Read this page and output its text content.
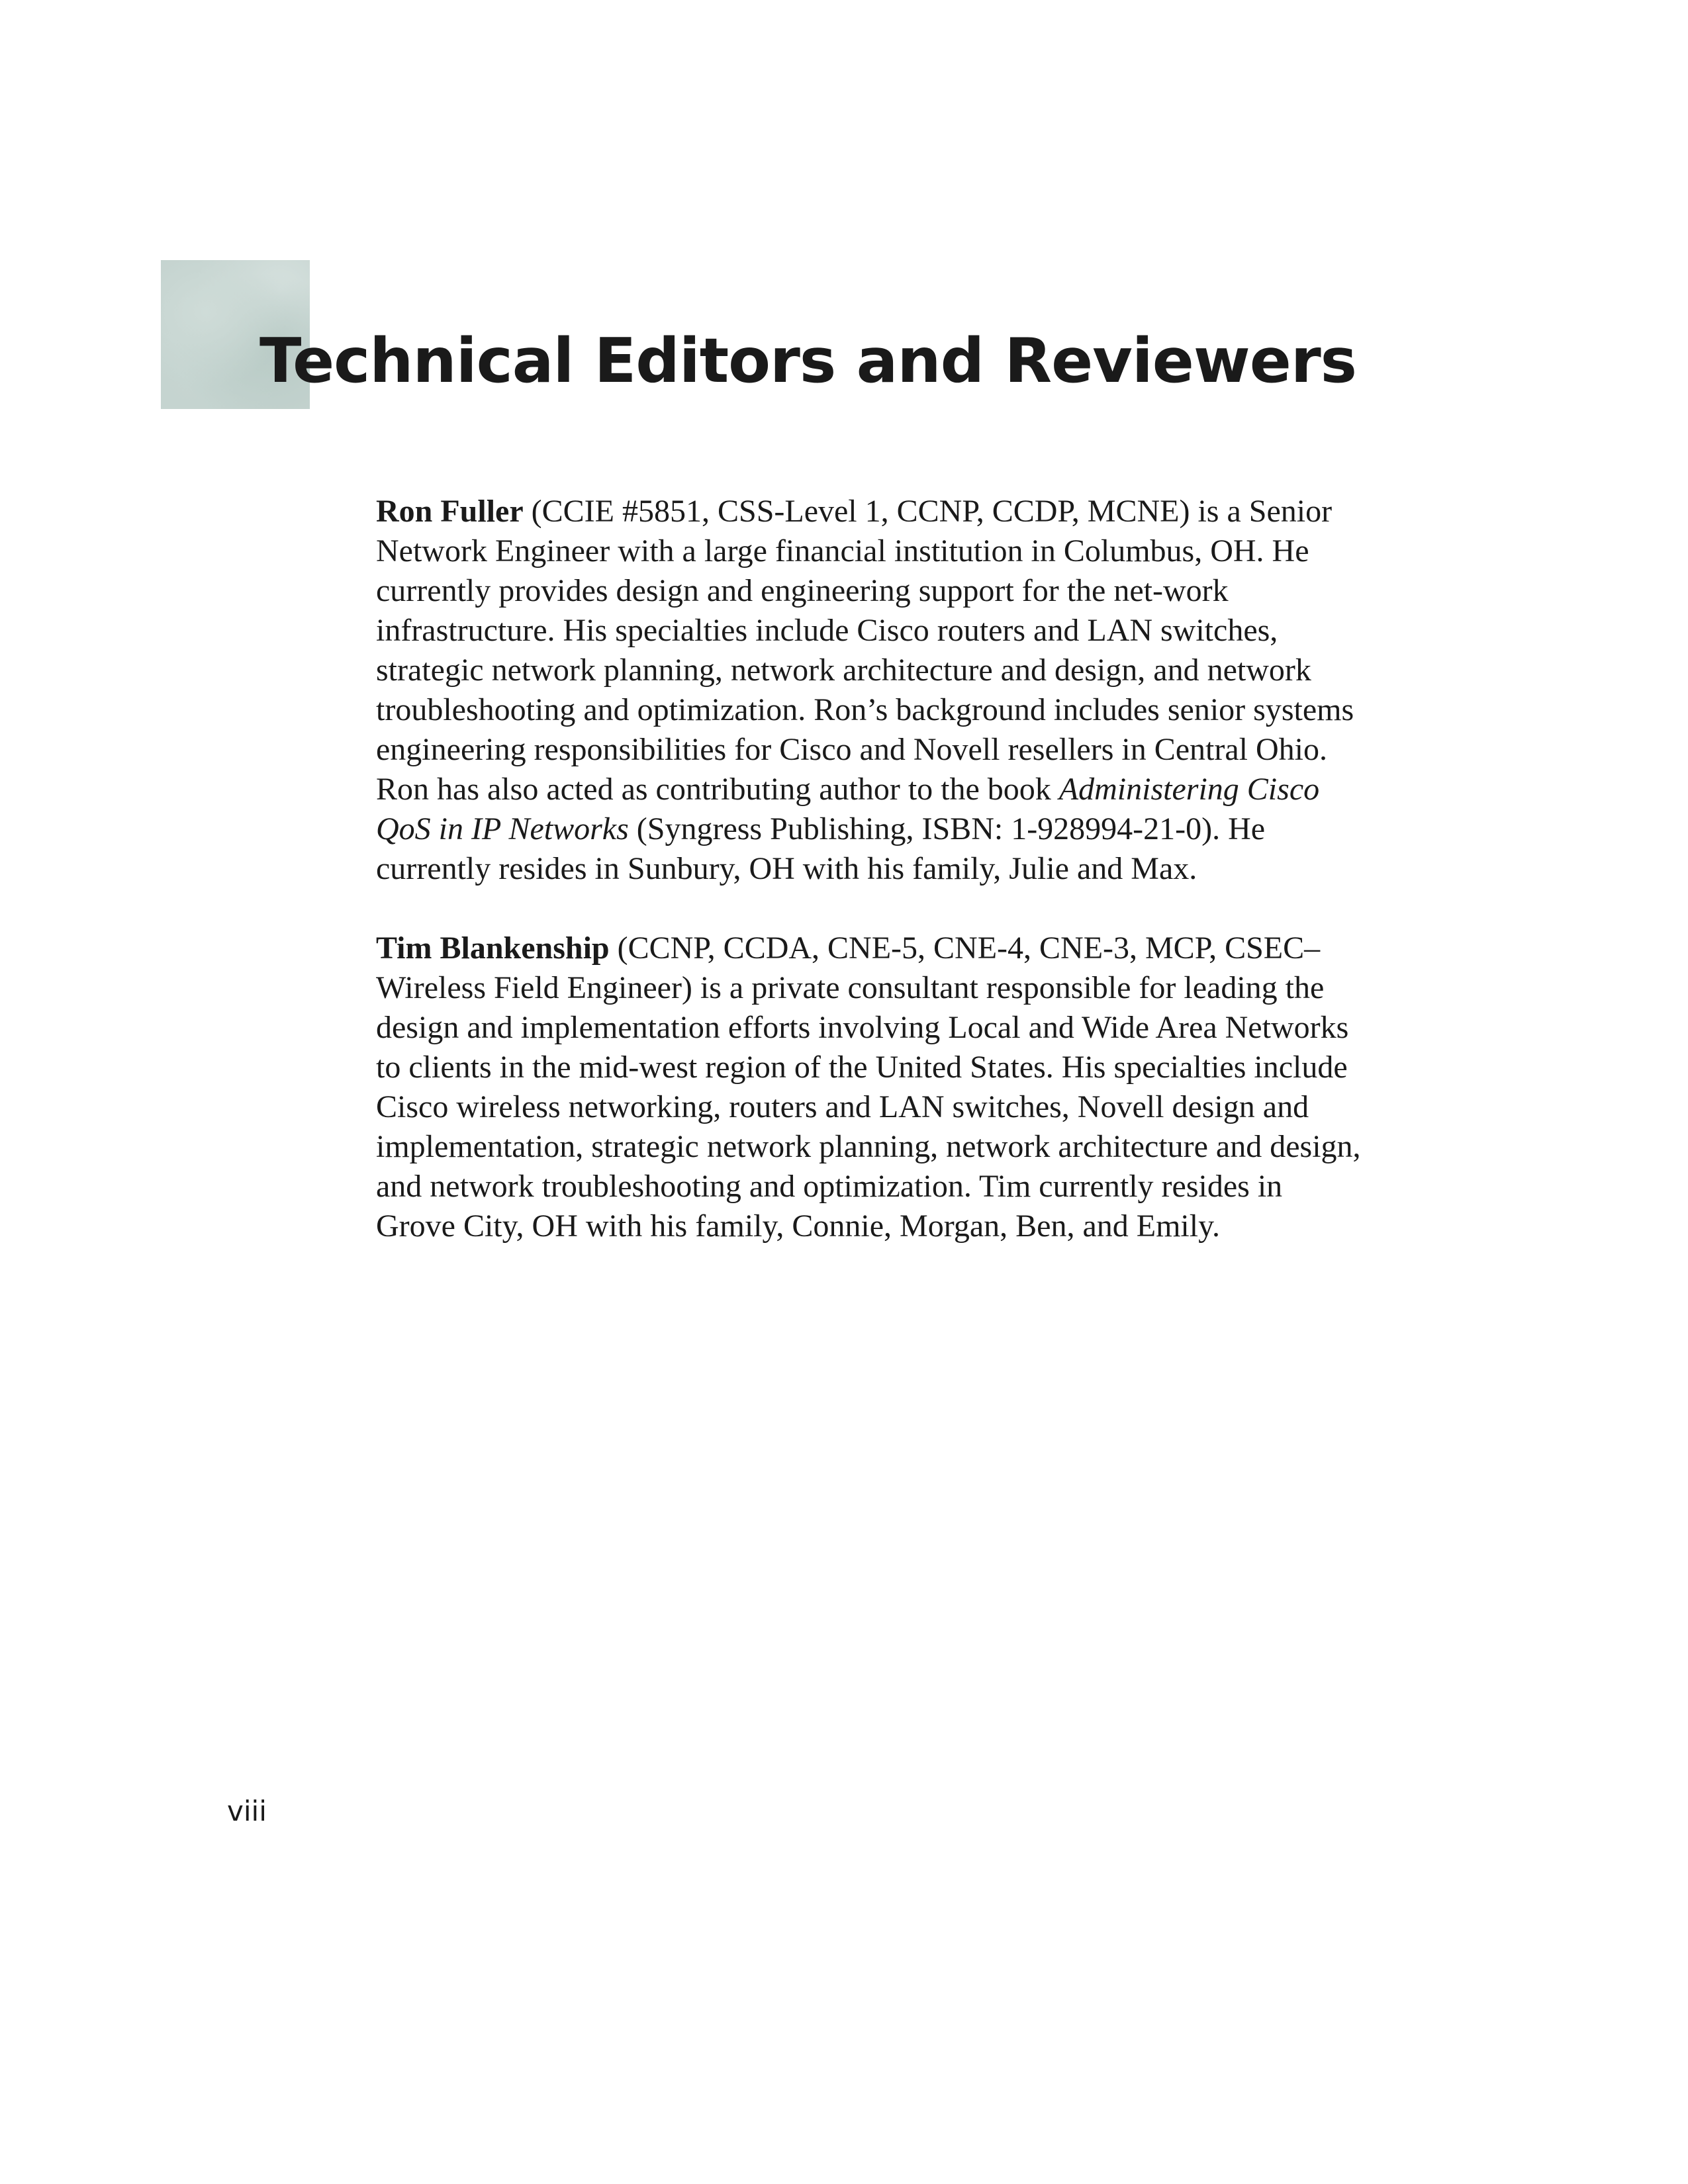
Technical Editors and Reviewers

Ron Fuller (CCIE #5851, CSS-Level 1, CCNP, CCDP, MCNE) is a Senior Network Engineer with a large financial institution in Columbus, OH. He currently provides design and engineering support for the net-work infrastructure. His specialties include Cisco routers and LAN switches, strategic network planning, network architecture and design, and network troubleshooting and optimization. Ron’s background includes senior systems engineering responsibilities for Cisco and Novell resellers in Central Ohio. Ron has also acted as contributing author to the book Administering Cisco QoS in IP Networks (Syngress Publishing, ISBN: 1-928994-21-0). He currently resides in Sunbury, OH with his family, Julie and Max.

Tim Blankenship (CCNP, CCDA, CNE-5, CNE-4, CNE-3, MCP, CSEC–Wireless Field Engineer) is a private consultant responsible for leading the design and implementation efforts involving Local and Wide Area Networks to clients in the mid-west region of the United States. His specialties include Cisco wireless networking, routers and LAN switches, Novell design and implementation, strategic network planning, network architecture and design, and network troubleshooting and optimization. Tim currently resides in Grove City, OH with his family, Connie, Morgan, Ben, and Emily.

viii
